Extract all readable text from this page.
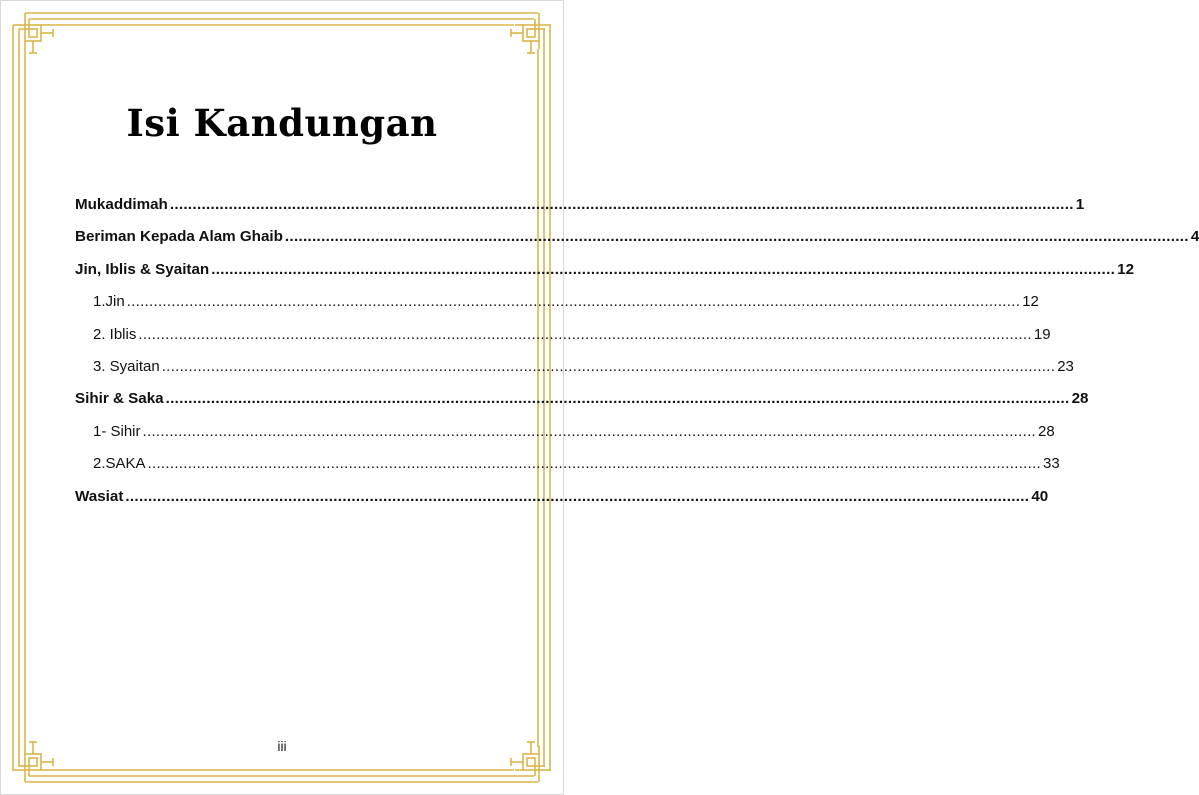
Isi Kandungan
Mukaddimah ........................................................................................................................................................................................................ 1
Beriman Kepada Alam Ghaib ........................................................................................................................................................................................................ 4
Jin, Iblis & Syaitan ........................................................................................................................................................................................................ 12
1.Jin ........................................................................................................................................................................................................ 12
2. Iblis ........................................................................................................................................................................................................ 19
3. Syaitan ........................................................................................................................................................................................................ 23
Sihir & Saka ........................................................................................................................................................................................................ 28
1- Sihir ........................................................................................................................................................................................................ 28
2.SAKA ........................................................................................................................................................................................................ 33
Wasiat ........................................................................................................................................................................................................ 40
iii
